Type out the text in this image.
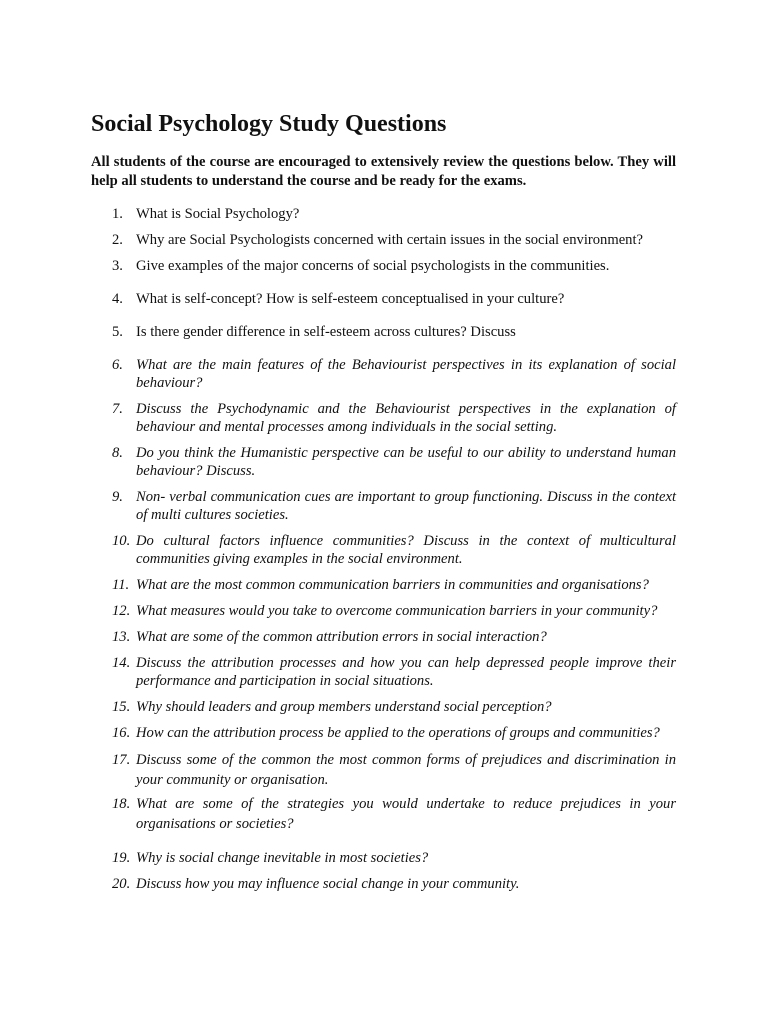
Social Psychology Study Questions

All students of the course are encouraged to extensively review the questions below. They will help all students to understand the course and be ready for the exams.

1. What is Social Psychology?
2. Why are Social Psychologists concerned with certain issues in the social environment?
3. Give examples of the major concerns of social psychologists in the communities.
4. What is self-concept? How is self-esteem conceptualised in your culture?
5. Is there gender difference in self-esteem across cultures? Discuss
6. What are the main features of the Behaviourist perspectives in its explanation of social behaviour?
7. Discuss the Psychodynamic and the Behaviourist perspectives in the explanation of behaviour and mental processes among individuals in the social setting.
8. Do you think the Humanistic perspective can be useful to our ability to understand human behaviour? Discuss.
9. Non- verbal communication cues are important to group functioning. Discuss in the context of multi cultures societies.
10. Do cultural factors influence communities? Discuss in the context of multicultural communities giving examples in the social environment.
11. What are the most common communication barriers in communities and organisations?
12. What measures would you take to overcome communication barriers in your community?
13. What are some of the common attribution errors in social interaction?
14. Discuss the attribution processes and how you can help depressed people improve their performance and participation in social situations.
15. Why should leaders and group members understand social perception?
16. How can the attribution process be applied to the operations of groups and communities?
17. Discuss some of the common the most common forms of prejudices and discrimination in your community or organisation.
18. What are some of the strategies you would undertake to reduce prejudices in your organisations or societies?
19. Why is social change inevitable in most societies?
20. Discuss how you may influence social change in your community.
